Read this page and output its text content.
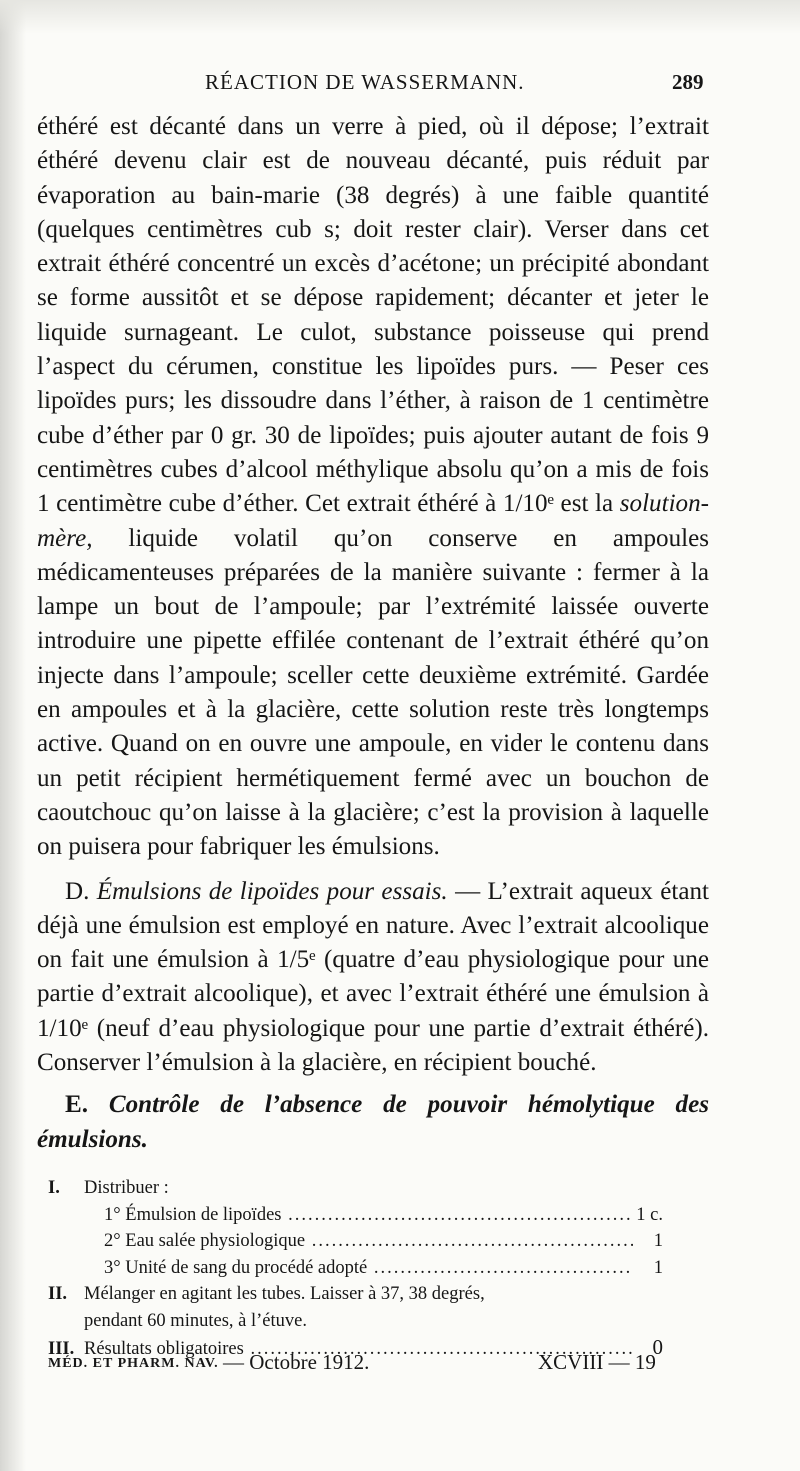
RÉACTION DE WASSERMANN.	289

éthéré est décanté dans un verre à pied, où il dépose; l’extrait éthéré devenu clair est de nouveau décanté, puis réduit par évaporation au bain-marie (38 degrés) à une faible quantité (quelques centimètres cub s; doit rester clair). Verser dans cet extrait éthéré concentré un excès d’acétone; un précipité abondant se forme aussitôt et se dépose rapidement; décanter et jeter le liquide surnageant. Le culot, substance poisseuse qui prend l’aspect du cérumen, constitue les lipoïdes purs. — Peser ces lipoïdes purs; les dissoudre dans l’éther, à raison de 1 centimètre cube d’éther par 0 gr. 30 de lipoïdes; puis ajouter autant de fois 9 centimètres cubes d’alcool méthylique absolu qu’on a mis de fois 1 centimètre cube d’éther. Cet extrait éthéré à 1/10ᵉ est la solution-mère, liquide volatil qu’on conserve en ampoules médicamenteuses préparées de la manière suivante : fermer à la lampe un bout de l’ampoule; par l’extrémité laissée ouverte introduire une pipette effilée contenant de l’extrait éthéré qu’on injecte dans l’ampoule; sceller cette deuxième extrémité. Gardée en ampoules et à la glacière, cette solution reste très longtemps active. Quand on en ouvre une ampoule, en vider le contenu dans un petit récipient hermétiquement fermé avec un bouchon de caoutchouc qu’on laisse à la glacière; c’est la provision à laquelle on puisera pour fabriquer les émulsions.

D. Émulsions de lipoïdes pour essais. — L’extrait aqueux étant déjà une émulsion est employé en nature. Avec l’extrait alcoolique on fait une émulsion à 1/5ᵉ (quatre d’eau physiologique pour une partie d’extrait alcoolique), et avec l’extrait éthéré une émulsion à 1/10ᵉ (neuf d’eau physiologique pour une partie d’extrait éthéré). Conserver l’émulsion à la glacière, en récipient bouché.

E. Contrôle de l’absence de pouvoir hémolytique des émulsions.

I.	Distribuer :
1° Émulsion de lipoïdes .....	1 c.
2° Eau salée physiologique .....	1
3° Unité de sang du procédé adopté .....	1
II. Mélanger en agitant les tubes. Laisser à 37, 38 degrés,
pendant 60 minutes, à l’étuve.
III. Résultats obligatoires .....	0
MÉD. ET PHARM. NAV. — Octobre 1912.	XCVIII — 19
